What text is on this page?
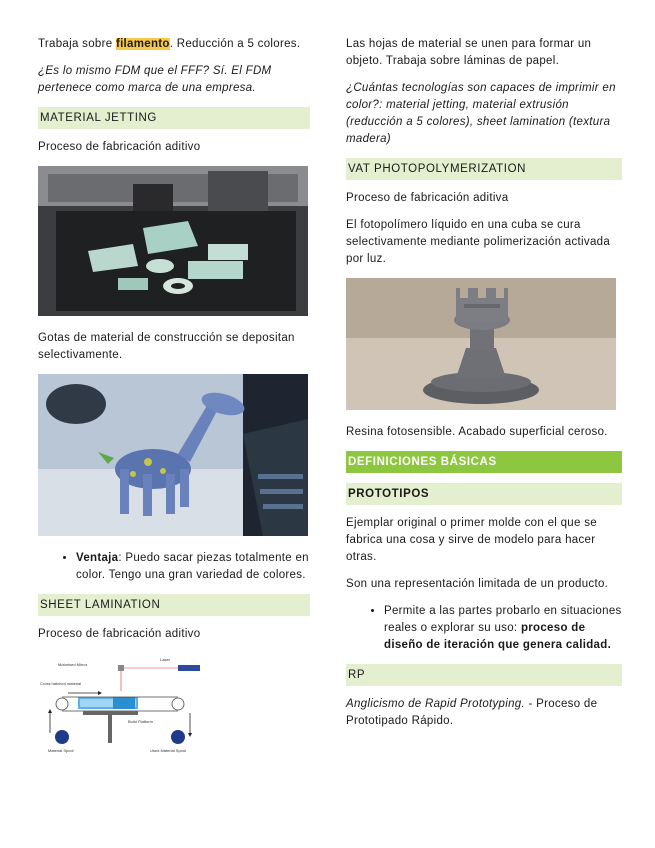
Trabaja sobre filamento. Reducción a 5 colores.

¿Es lo mismo FDM que el FFF? Sí. El FDM pertenece como marca de una empresa.

MATERIAL JETTING

Proceso de fabricación aditivo

Gotas de material de construcción se depositan selectivamente.

• Ventaja: Puedo sacar piezas totalmente en color. Tengo una gran variedad de colores.
SHEET LAMINATION

Proceso de fabricación aditivo

Laser
Motorised Mirror
Cross hatched material
Build Platform
Material Spool	Used Material Spool

Las hojas de material se unen para formar un objeto. Trabaja sobre láminas de papel.

¿Cuántas tecnologías son capaces de imprimir en color?: material jetting, material extrusión (reducción a 5 colores), sheet lamination (textura madera)

VAT PHOTOPOLYMERIZATION

Proceso de fabricación aditiva

El fotopolímero líquido en una cuba se cura selectivamente mediante polimerización activada por luz.

Resina fotosensible. Acabado superficial ceroso.

DEFINICIONES BÁSICAS
PROTOTIPOS

Ejemplar original o primer molde con el que se fabrica una cosa y sirve de modelo para hacer otras.

Son una representación limitada de un producto.

• Permite a las partes probarlo en situaciones reales o explorar su uso: proceso de diseño de iteración que genera calidad.
RP

Anglicismo de Rapid Prototyping. - Proceso de Prototipado Rápido.
